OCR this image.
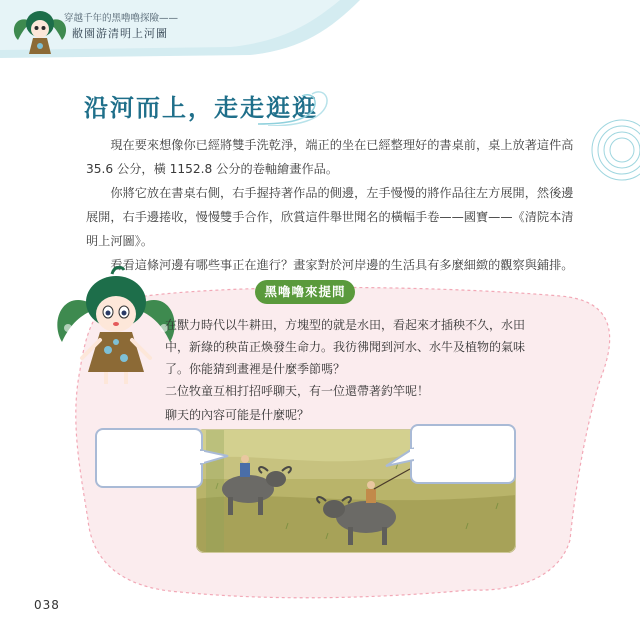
穿越千年的黑嚕嚕探險——
敝園游清明上河圖
沿河而上，走走逛逛

　　現在要來想像你已經將雙手洗乾淨，端正的坐在已經整理好的書桌前，桌上放著這件高 35.6 公分，橫 1152.8 公分的卷軸繪畫作品。

　　你將它放在書桌右側，右手握持著作品的側邊，左手慢慢的將作品往左方展開，然後邊展開，右手邊捲收，慢慢雙手合作，欣賞這件舉世聞名的橫幅手卷——國寶——《清院本清明上河圖》。

　　看看這條河邊有哪些事正在進行？畫家對於河岸邊的生活具有多麼細緻的觀察與鋪排。

黑嚕嚕來提問

在獸力時代以牛耕田，方塊型的就是水田，看起來才插秧不久，水田中，新綠的秧苗正煥發生命力。我彷彿聞到河水、水牛及植物的氣味了。你能猜到畫裡是什麼季節嗎？

二位牧童互相打招呼聊天，有一位還帶著釣竿呢！

聊天的內容可能是什麼呢？

038
